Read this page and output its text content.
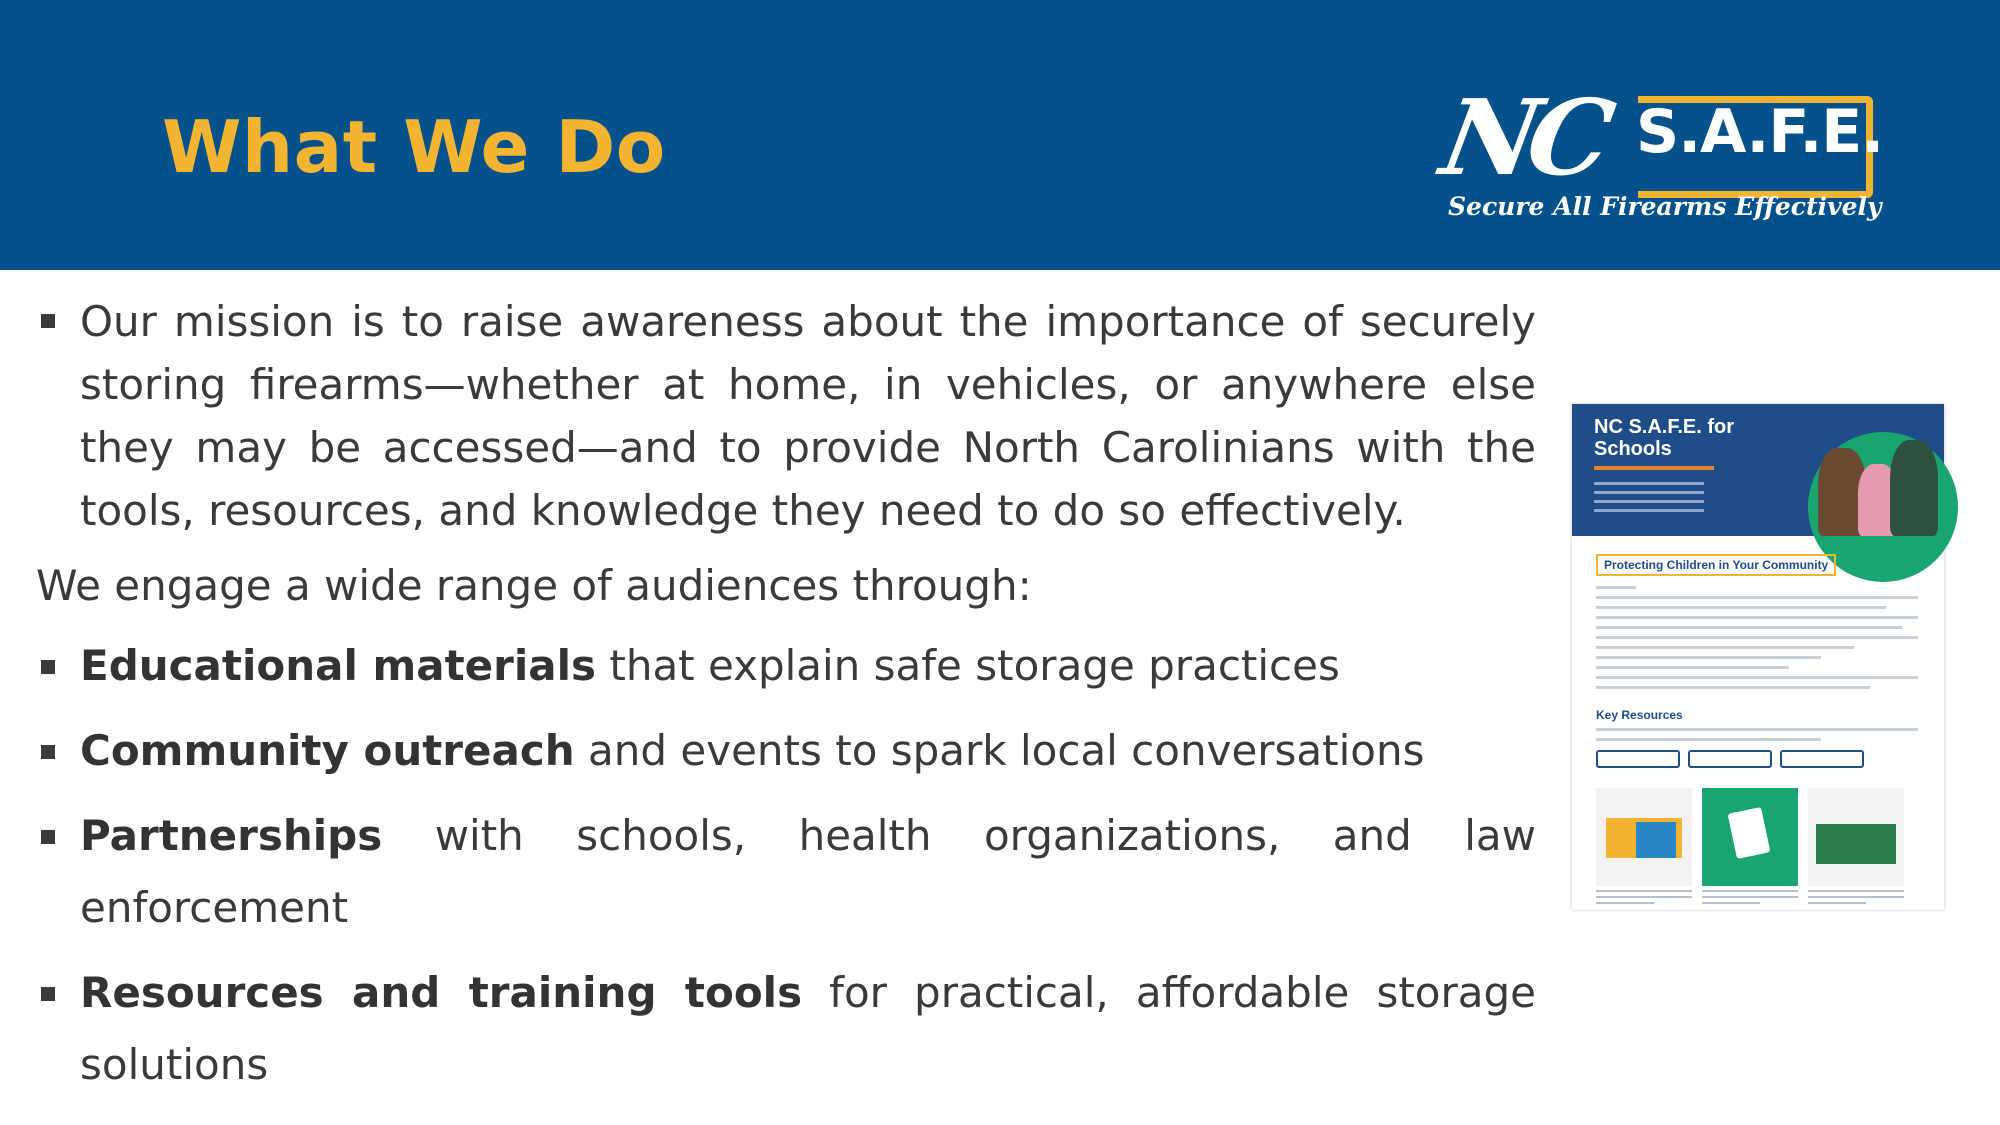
What We Do	NC S.A.F.E.
Secure All Firearms Effectively

Our mission is to raise awareness about the importance of securely storing firearms—whether at home, in vehicles, or anywhere else they may be accessed—and to provide North Carolinians with the tools, resources, and knowledge they need to do so effectively.

We engage a wide range of audiences through:

Educational materials that explain safe storage practices

Community outreach and events to spark local conversations

Partnerships with schools, health organizations, and law enforcement

Resources and training tools for practical, affordable storage solutions

NC S.A.F.E. for Schools
Protecting Children in Your Community
Key Resources
